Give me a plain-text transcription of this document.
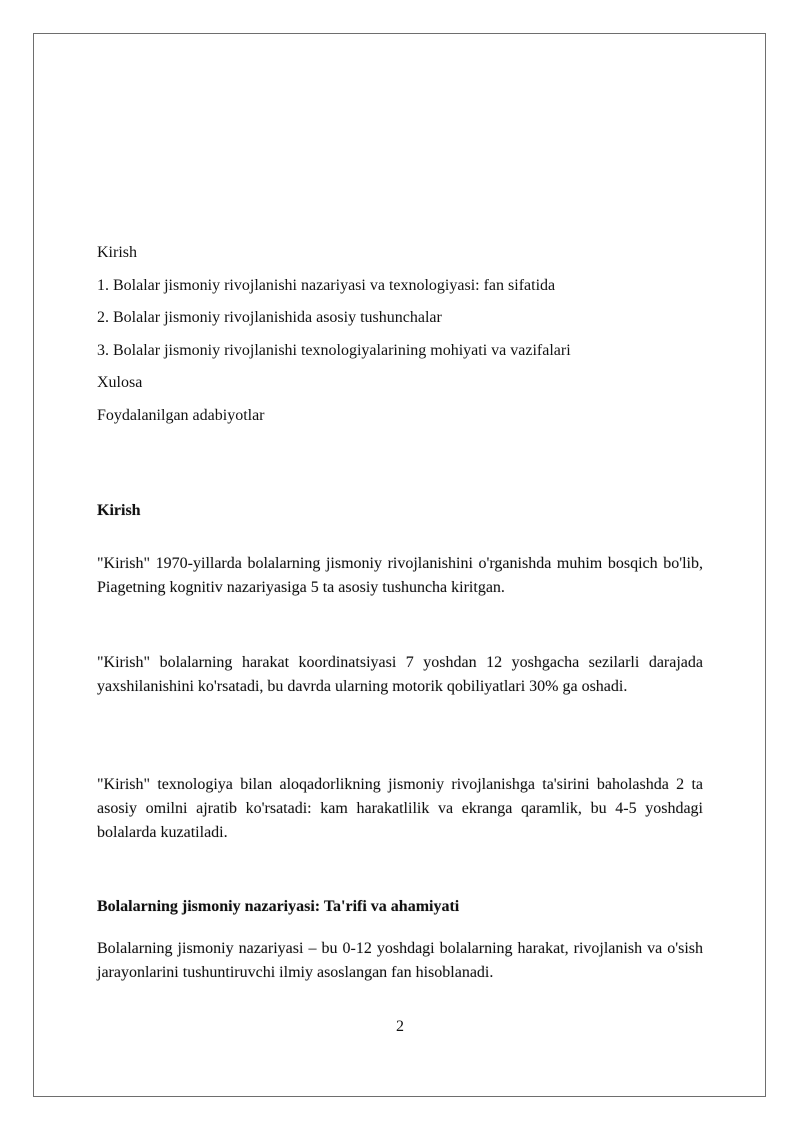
Kirish
1. Bolalar jismoniy rivojlanishi nazariyasi va texnologiyasi: fan sifatida
2. Bolalar jismoniy rivojlanishida asosiy tushunchalar
3. Bolalar jismoniy rivojlanishi texnologiyalarining mohiyati va vazifalari
Xulosa
Foydalanilgan adabiyotlar
Kirish
"Kirish" 1970-yillarda bolalarning jismoniy rivojlanishini o'rganishda muhim bosqich bo'lib, Piagetning kognitiv nazariyasiga 5 ta asosiy tushuncha kiritgan.
"Kirish" bolalarning harakat koordinatsiyasi 7 yoshdan 12 yoshgacha sezilarli darajada yaxshilanishini ko'rsatadi, bu davrda ularning motorik qobiliyatlari 30% ga oshadi.
"Kirish" texnologiya bilan aloqadorlikning jismoniy rivojlanishga ta'sirini baholashda 2 ta asosiy omilni ajratib ko'rsatadi: kam harakatlilik va ekranga qaramlik, bu 4-5 yoshdagi bolalarda kuzatiladi.
Bolalarning jismoniy nazariyasi: Ta'rifi va ahamiyati
Bolalarning jismoniy nazariyasi – bu 0-12 yoshdagi bolalarning harakat, rivojlanish va o'sish jarayonlarini tushuntiruvchi ilmiy asoslangan fan hisoblanadi.
2
